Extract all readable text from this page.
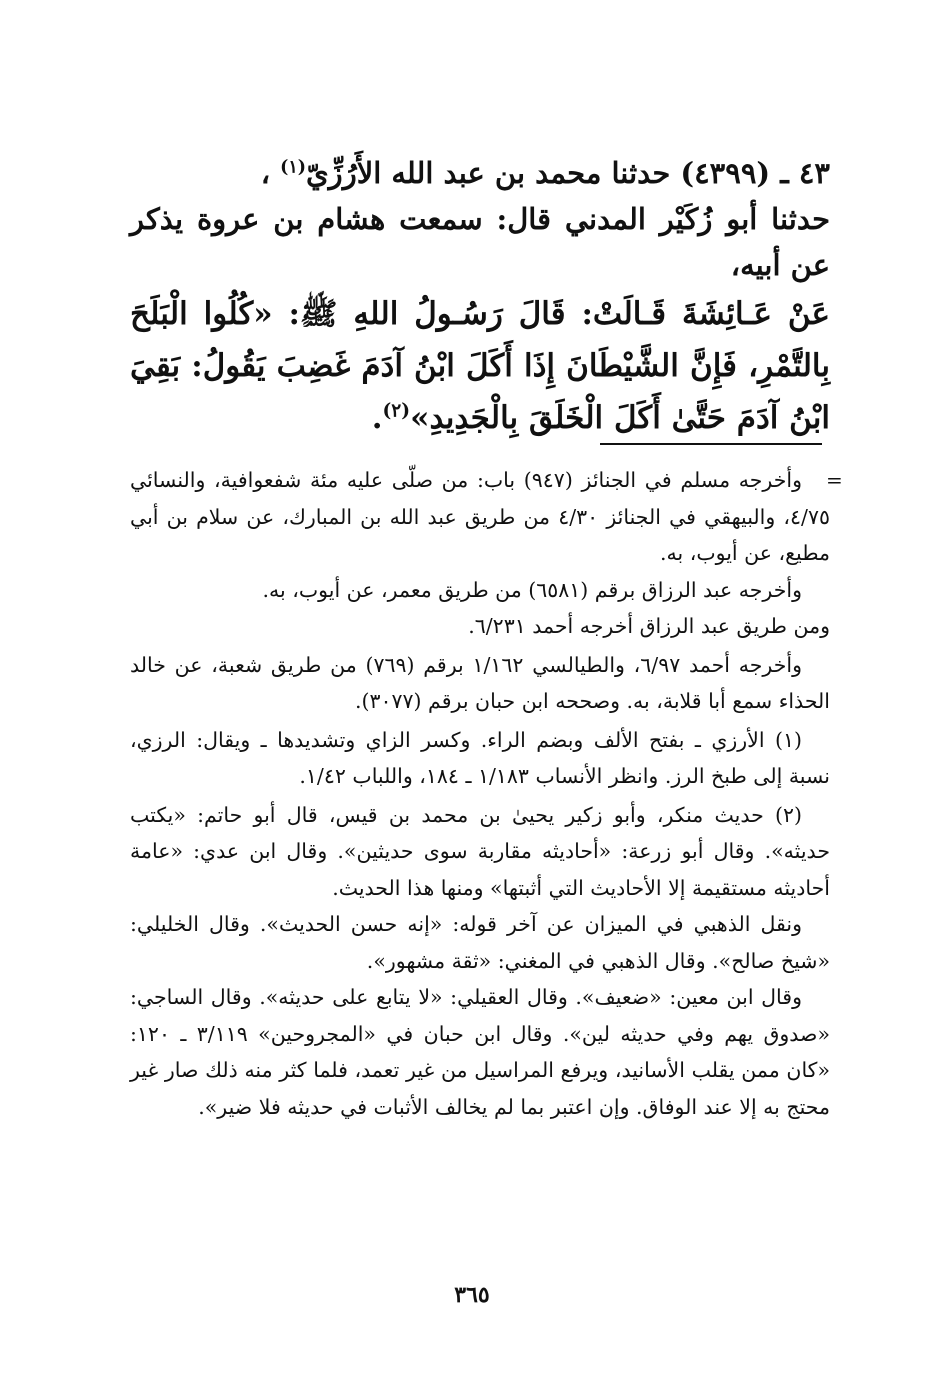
٤٣ ـ (٤٣٩٩) حدثنا محمد بن عبد الله الأَرُزِّيّ$^{(١)}$ ،

حدثنا أبو زُكَيْر المدني قال: سمعت هشام بن عروة يذكر عن أبيه،

عَنْ عَـائِشَةَ قَـالَتْ: قَالَ رَسُـولُ اللهِ ﷺ: «كُلُوا الْبَلَحَ بِالتَّمْرِ، فَإِنَّ الشَّيْطَانَ إِذَا أَكَلَ ابْنُ آدَمَ غَضِبَ يَقُولُ: بَقِيَ ابْنُ آدَمَ حَتَّىٰ أَكَلَ الْخَلَقَ بِالْجَدِيدِ»$^{(٢)}$.

=

وأخرجه مسلم في الجنائز (٩٤٧) باب: من صلّى عليه مئة شفعوافية، والنسائي ٤/٧٥، والبيهقي في الجنائز ٤/٣٠ من طريق عبد الله بن المبارك، عن سلام بن أبي مطيع، عن أيوب، به.

وأخرجه عبد الرزاق برقم (٦٥٨١) من طريق معمر، عن أيوب، به.

ومن طريق عبد الرزاق أخرجه أحمد ٦/٢٣١.

وأخرجه أحمد ٦/٩٧، والطيالسي ١/١٦٢ برقم (٧٦٩) من طريق شعبة، عن خالد الحذاء سمع أبا قلابة، به. وصححه ابن حبان برقم (٣٠٧٧).

(١) الأرزي ـ بفتح الألف وبضم الراء. وكسر الزاي وتشديدها ـ ويقال: الرزي، نسبة إلى طبخ الرز. وانظر الأنساب ١/١٨٣ ـ ١٨٤، واللباب ١/٤٢.

(٢) حديث منكر، وأبو زكير يحيىٰ بن محمد بن قيس، قال أبو حاتم: «يكتب حديثه». وقال أبو زرعة: «أحاديثه مقاربة سوى حديثين». وقال ابن عدي: «عامة أحاديثه مستقيمة إلا الأحاديث التي أثبتها» ومنها هذا الحديث.

ونقل الذهبي في الميزان عن آخر قوله: «إنه حسن الحديث». وقال الخليلي: «شيخ صالح». وقال الذهبي في المغني: «ثقة مشهور».

وقال ابن معين: «ضعيف». وقال العقيلي: «لا يتابع على حديثه». وقال الساجي: «صدوق يهم وفي حديثه لين». وقال ابن حبان في «المجروحين» ٣/١١٩ ـ ١٢٠: «كان ممن يقلب الأسانيد، ويرفع المراسيل من غير تعمد، فلما كثر منه ذلك صار غير محتج به إلا عند الوفاق. وإن اعتبر بما لم يخالف الأثبات في حديثه فلا ضير».

٣٦٥
